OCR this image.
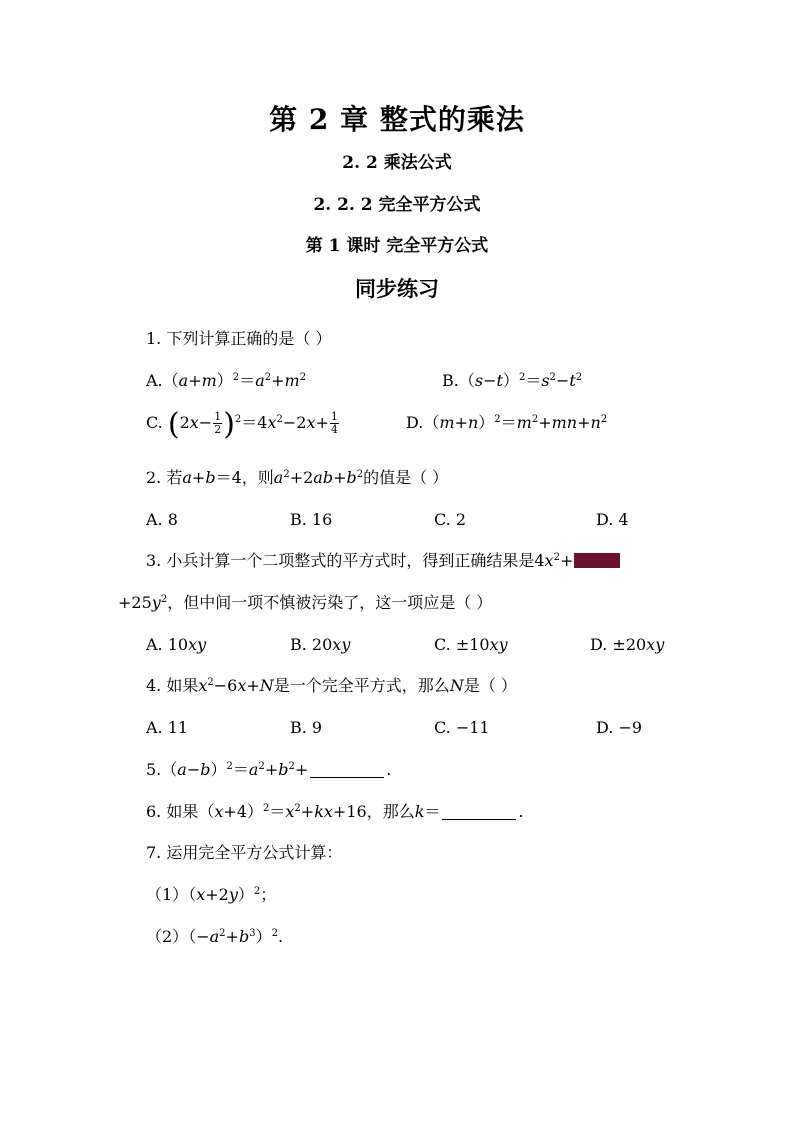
第 2 章 整式的乘法
2. 2 乘法公式
2. 2. 2 完全平方公式
第 1 课时 完全平方公式
同步练习
1. 下列计算正确的是（ ）
$A.(a+m)^2=a^2+m^2$	$B.(s-t)^2=s^2-t^2$
C. $(2x- \frac{1}{2} )^2=4x^2-2x+ \frac{1}{4}$	$D.(m+n)^2=m^2+mn+n^2$
2. 若a+b＝4，则$a^2+2ab+b^2$的值是（ ）
A. 8	B. 16	C. 2	D. 4
3. 小兵计算一个二项整式的平方式时，得到正确结果是$4x^2+$
$+25y^2$，但中间一项不慎被污染了，这一项应是（ ）
A. 10xy	B. 20xy	C. ±10xy	D. ±20xy
4. 如果$x^2-6x+N$是一个完全平方式，那么N是（ ）
A. 11	B. 9	C. −11	D. −9
$5.(a-b)^2=a^2+b^2+$	.
6. 如果$(x+4)^2=x^2+kx+16$，那么k＝	.
7. 运用完全平方公式计算：
$(1)(x+2y)^2$；
$(2)(-a^2+b^3)^2$.
